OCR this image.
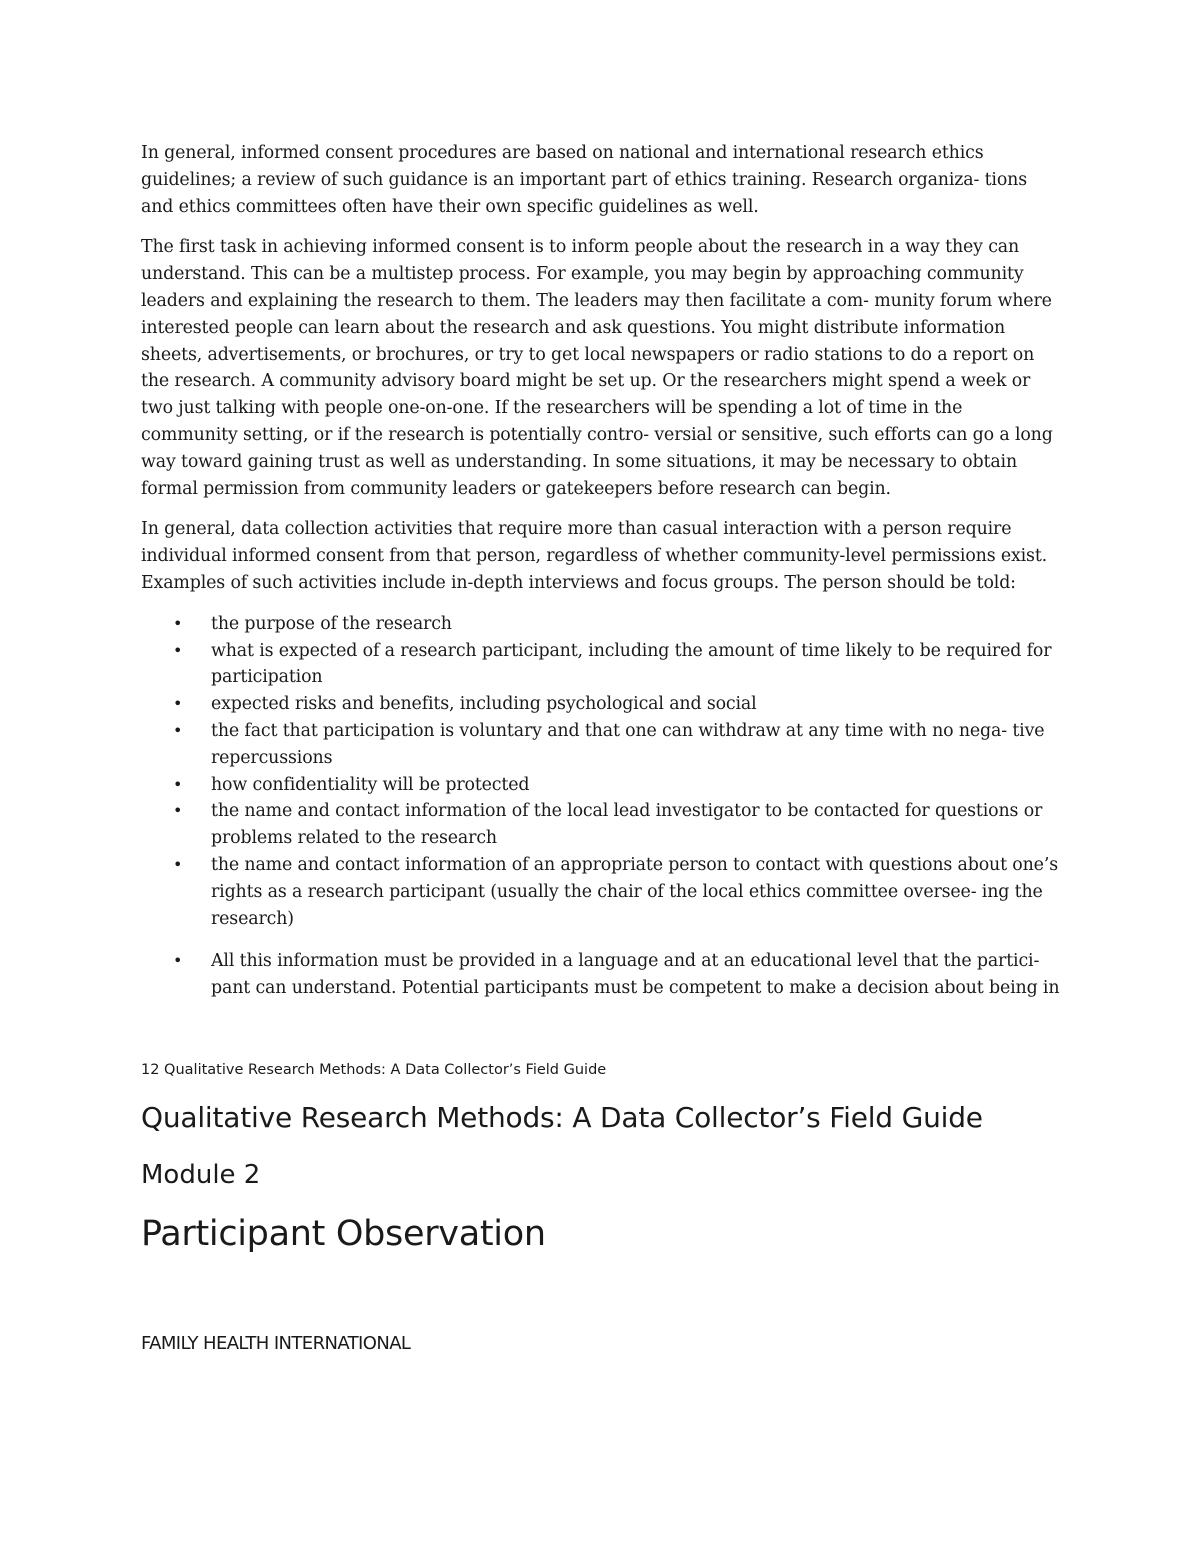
In general, informed consent procedures are based on national and international research ethics guidelines; a review of such guidance is an important part of ethics training. Research organiza- tions and ethics committees often have their own specific guidelines as well.

The first task in achieving informed consent is to inform people about the research in a way they can understand. This can be a multistep process. For example, you may begin by approaching community leaders and explaining the research to them. The leaders may then facilitate a com- munity forum where interested people can learn about the research and ask questions. You might distribute information sheets, advertisements, or brochures, or try to get local newspapers or radio stations to do a report on the research. A community advisory board might be set up. Or the researchers might spend a week or two just talking with people one-on-one. If the researchers will be spending a lot of time in the community setting, or if the research is potentially contro- versial or sensitive, such efforts can go a long way toward gaining trust as well as understanding. In some situations, it may be necessary to obtain formal permission from community leaders or gatekeepers before research can begin.

In general, data collection activities that require more than casual interaction with a person require individual informed consent from that person, regardless of whether community-level permissions exist. Examples of such activities include in-depth interviews and focus groups. The person should be told:

• the purpose of the research
• what is expected of a research participant, including the amount of time likely to be required for participation
• expected risks and benefits, including psychological and social
• the fact that participation is voluntary and that one can withdraw at any time with no nega- tive repercussions
• how confidentiality will be protected
• the name and contact information of the local lead investigator to be contacted for questions or problems related to the research
• the name and contact information of an appropriate person to contact with questions about one’s rights as a research participant (usually the chair of the local ethics committee oversee- ing the research)
• All this information must be provided in a language and at an educational level that the partici- pant can understand. Potential participants must be competent to make a decision about being in

12 Qualitative Research Methods: A Data Collector’s Field Guide

Qualitative Research Methods: A Data Collector’s Field Guide
Module 2
Participant Observation

FAMILY HEALTH INTERNATIONAL
